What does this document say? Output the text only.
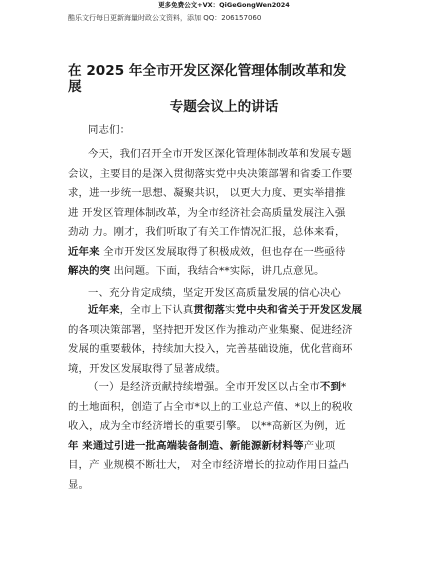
更多免费公文+VX：QiGeGongWen2024
酷乐文行每日更新海量时政公文资料，添加 QQ：206157060
在 2025 年全市开发区深化管理体制改革和发
展
专题会议上的讲话

同志们：

今天，我们召开全市开发区深化管理体制改革和发展专题
会议，主要目的是深入贯彻落实党中央决策部署和省委工作要
求，进一步统一思想、凝聚共识， 以更大力度、更实举措推
进 开发区管理体制改革，为全市经济社会高质量发展注入强
劲动 力。刚才，我们听取了有关工作情况汇报，总体来看，
近年来 全市开发区发展取得了积极成效，但也存在一些亟待
解决的突 出问题。下面，我结合**实际，讲几点意见。

一、充分肯定成绩，坚定开发区高质量发展的信心决心

近年来，全市上下认真贯彻落实党中央和省关于开发区发展
的各项决策部署，坚持把开发区作为推动产业集聚、促进经济
发展的重要载体，持续加大投入，完善基础设施，优化营商环
境，开发区发展取得了显著成绩。
（一）是经济贡献持续增强。全市开发区以占全市不到*
的土地面积，创造了占全市*以上的工业总产值、*以上的税收
收入，成为全市经济增长的重要引擎。 以**高新区为例，近
年 来通过引进一批高端装备制造、新能源新材料等产业项
目，产 业规模不断壮大， 对全市经济增长的拉动作用日益凸
显。
